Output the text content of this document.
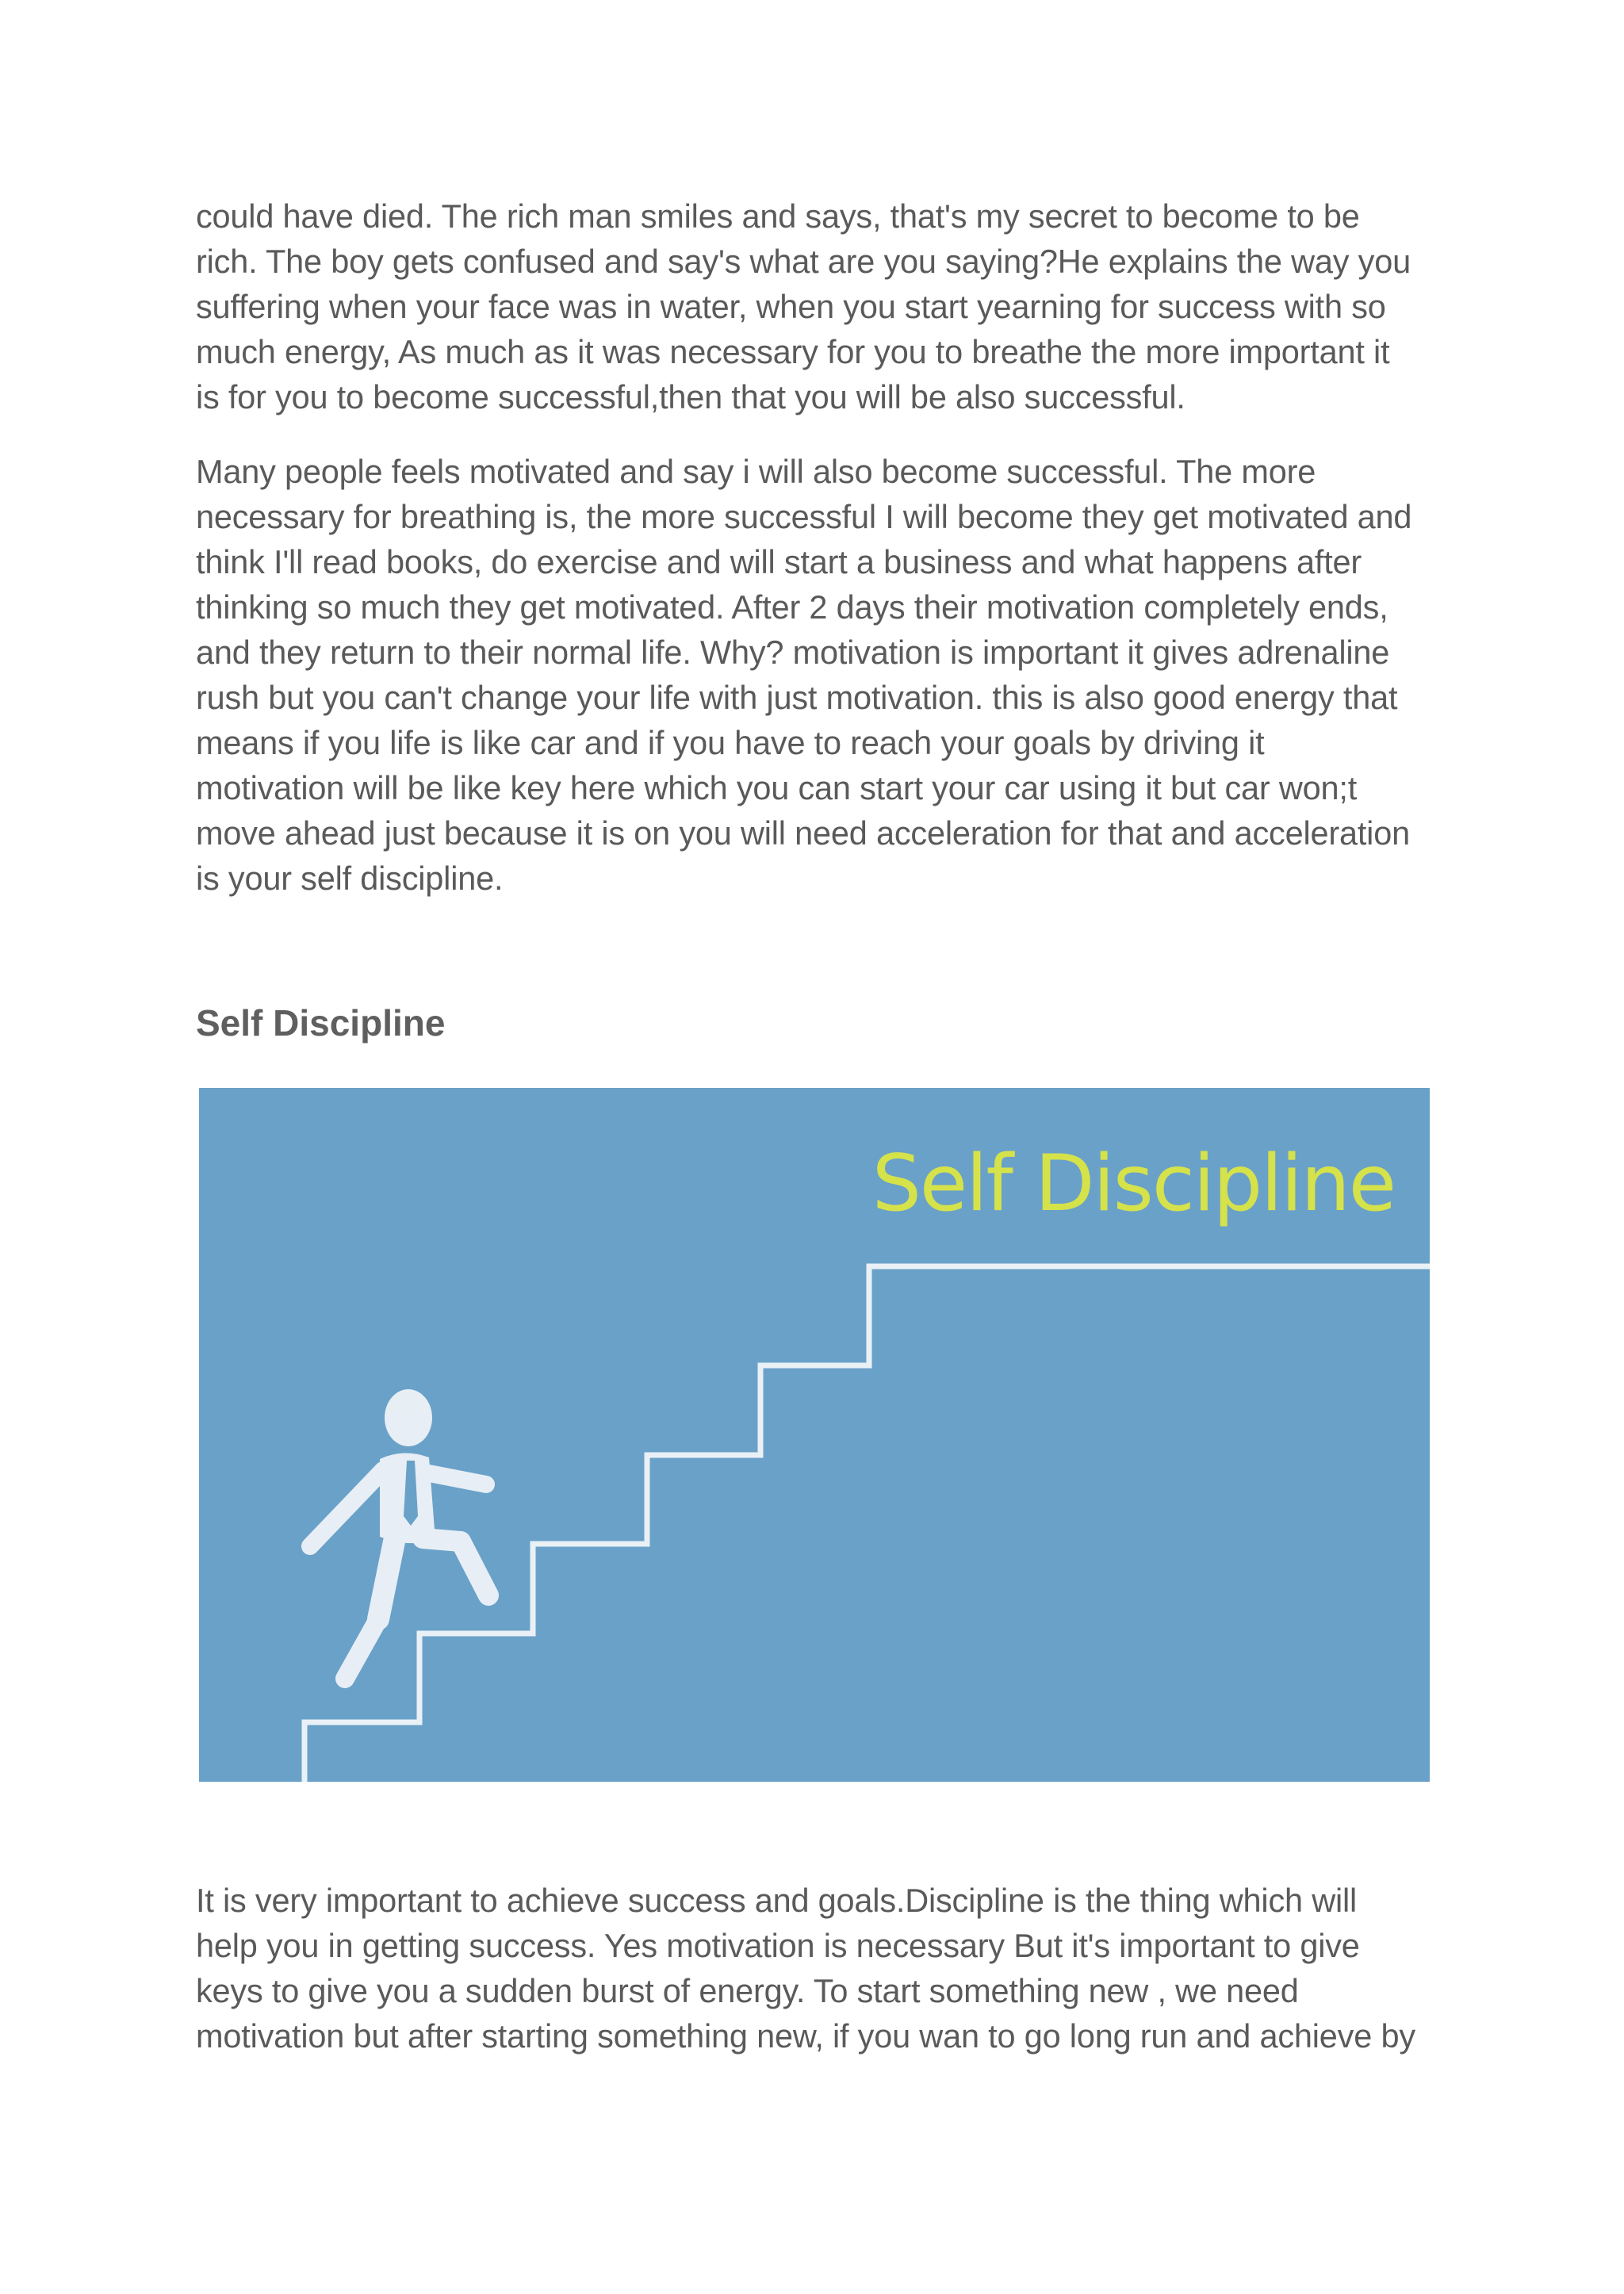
could have died. The rich man smiles and says, that's my secret to become to be
rich. The boy gets confused and say's what are you saying?He explains the way you
suffering when your face was in water, when you start yearning for success with so
much energy, As much as it was necessary for you to breathe the more important it
is for you to become successful,then that you will be also successful.

Many people feels motivated and say i will also become successful. The more
necessary for breathing is, the more successful I will become they get motivated and
think I'll read books, do exercise and will start a business and what happens after
thinking so much they get motivated. After 2 days their motivation completely ends,
and they return to their normal life. Why? motivation is important it gives adrenaline
rush but you can't change your life with just motivation. this is also good energy that
means if you life is like car and if you have to reach your goals by driving it
motivation will be like key here which you can start your car using it but car won;t
move ahead just because it is on you will need acceleration for that and acceleration
is your self discipline.

Self Discipline
Self Discipline

It is very important to achieve success and goals.Discipline is the thing which will
help you in getting success. Yes motivation is necessary But it's important to give
keys to give you a sudden burst of energy. To start something new , we need
motivation but after starting something new, if you wan to go long run and achieve by
